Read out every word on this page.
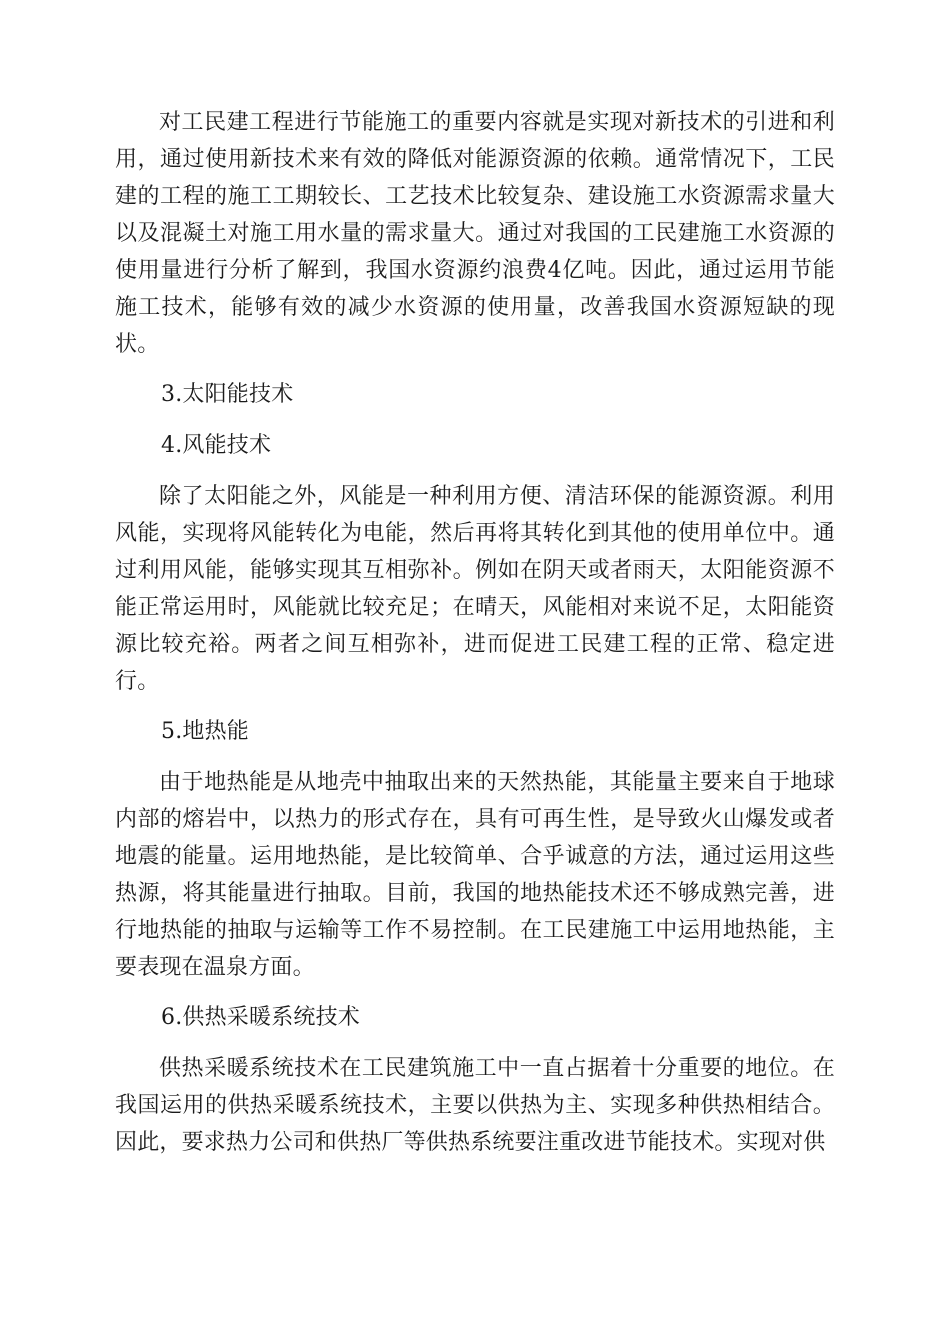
对工民建工程进行节能施工的重要内容就是实现对新技术的引进和利用，通过使用新技术来有效的降低对能源资源的依赖。通常情况下，工民建的工程的施工工期较长、工艺技术比较复杂、建设施工水资源需求量大以及混凝土对施工用水量的需求量大。通过对我国的工民建施工水资源的使用量进行分析了解到，我国水资源约浪费4亿吨。因此，通过运用节能施工技术，能够有效的减少水资源的使用量，改善我国水资源短缺的现状。

3.太阳能技术

4.风能技术

除了太阳能之外，风能是一种利用方便、清洁环保的能源资源。利用风能，实现将风能转化为电能，然后再将其转化到其他的使用单位中。通过利用风能，能够实现其互相弥补。例如在阴天或者雨天，太阳能资源不能正常运用时，风能就比较充足；在晴天，风能相对来说不足，太阳能资源比较充裕。两者之间互相弥补，进而促进工民建工程的正常、稳定进行。

5.地热能

由于地热能是从地壳中抽取出来的天然热能，其能量主要来自于地球内部的熔岩中，以热力的形式存在，具有可再生性，是导致火山爆发或者地震的能量。运用地热能，是比较简单、合乎诚意的方法，通过运用这些热源，将其能量进行抽取。目前，我国的地热能技术还不够成熟完善，进行地热能的抽取与运输等工作不易控制。在工民建施工中运用地热能，主要表现在温泉方面。

6.供热采暖系统技术

供热采暖系统技术在工民建筑施工中一直占据着十分重要的地位。在我国运用的供热采暖系统技术，主要以供热为主、实现多种供热相结合。因此，要求热力公司和供热厂等供热系统要注重改进节能技术。实现对供
